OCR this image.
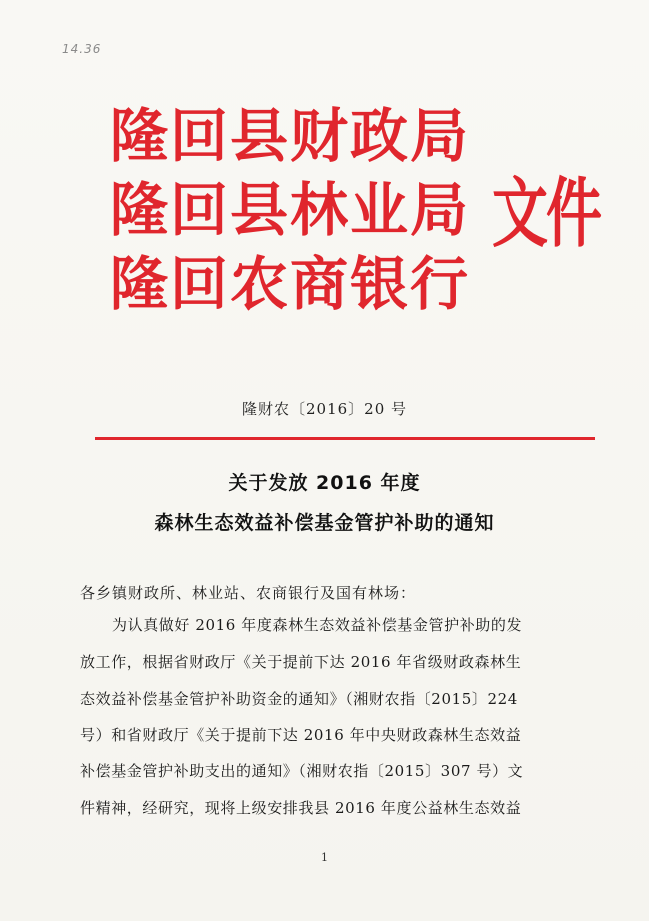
14.36
隆回县财政局
隆回县林业局
隆回农商银行
文件
隆财农〔2016〕20 号
关于发放 2016 年度
森林生态效益补偿基金管护补助的通知
各乡镇财政所、林业站、农商银行及国有林场：
为认真做好 2016 年度森林生态效益补偿基金管护补助的发
放工作，根据省财政厅《关于提前下达 2016 年省级财政森林生
态效益补偿基金管护补助资金的通知》（湘财农指〔2015〕224
号）和省财政厅《关于提前下达 2016 年中央财政森林生态效益
补偿基金管护补助支出的通知》（湘财农指〔2015〕307 号）文
件精神，经研究，现将上级安排我县 2016 年度公益林生态效益
1
